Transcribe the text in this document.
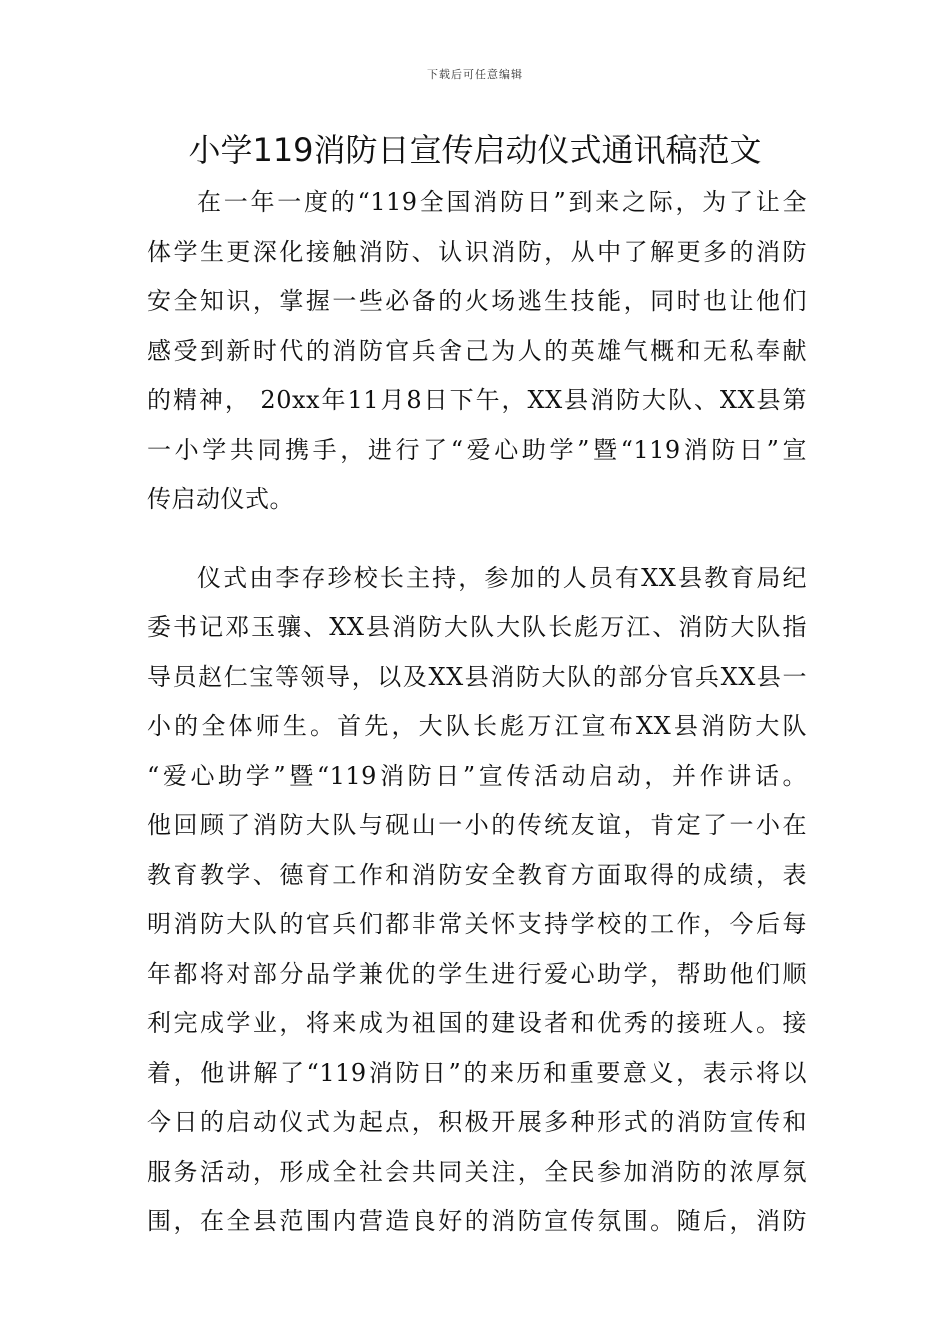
下载后可任意编辑
小学119消防日宣传启动仪式通讯稿范文
在一年一度的“119全国消防日”到来之际，为了让全
体学生更深化接触消防、认识消防，从中了解更多的消防
安全知识，掌握一些必备的火场逃生技能，同时也让他们
感受到新时代的消防官兵舍己为人的英雄气概和无私奉献
的精神， 20xx年11月8日下午，XX县消防大队、XX县第
一小学共同携手，进行了“爱心助学”暨“119消防日”宣
传启动仪式。
仪式由李存珍校长主持，参加的人员有XX县教育局纪
委书记邓玉骧、XX县消防大队大队长彪万江、消防大队指
导员赵仁宝等领导，以及XX县消防大队的部分官兵XX县一
小的全体师生。首先，大队长彪万江宣布XX县消防大队
“爱心助学”暨“119消防日”宣传活动启动，并作讲话。
他回顾了消防大队与砚山一小的传统友谊，肯定了一小在
教育教学、德育工作和消防安全教育方面取得的成绩，表
明消防大队的官兵们都非常关怀支持学校的工作，今后每
年都将对部分品学兼优的学生进行爱心助学，帮助他们顺
利完成学业，将来成为祖国的建设者和优秀的接班人。接
着，他讲解了“119消防日”的来历和重要意义，表示将以
今日的启动仪式为起点，积极开展多种形式的消防宣传和
服务活动，形成全社会共同关注，全民参加消防的浓厚氛
围，在全县范围内营造良好的消防宣传氛围。随后，消防
